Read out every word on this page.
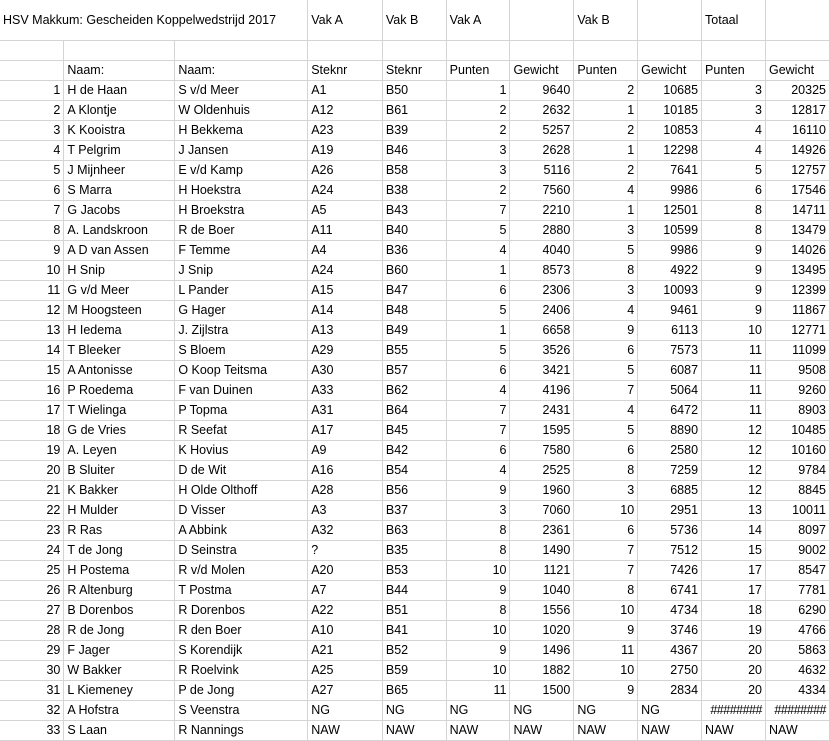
HSV Makkum: Gescheiden Koppelwedstrijd 2017			Vak A	Vak B	Vak A		Vak B		Totaal	

	Naam:	Naam:	Steknr	Steknr	Punten	Gewicht	Punten	Gewicht	Punten	Gewicht
1	H de Haan	S v/d Meer	A1	B50	1	9640	2	10685	3	20325
2	A Klontje	W Oldenhuis	A12	B61	2	2632	1	10185	3	12817
3	K Kooistra	H Bekkema	A23	B39	2	5257	2	10853	4	16110
4	T Pelgrim	J Jansen	A19	B46	3	2628	1	12298	4	14926
5	J Mijnheer	E v/d Kamp	A26	B58	3	5116	2	7641	5	12757
6	S Marra	H Hoekstra	A24	B38	2	7560	4	9986	6	17546
7	G Jacobs	H Broekstra	A5	B43	7	2210	1	12501	8	14711
8	A. Landskroon	R de Boer	A11	B40	5	2880	3	10599	8	13479
9	A D van Assen	F Temme	A4	B36	4	4040	5	9986	9	14026
10	H Snip	J Snip	A24	B60	1	8573	8	4922	9	13495
11	G v/d Meer	L Pander	A15	B47	6	2306	3	10093	9	12399
12	M Hoogsteen	G Hager	A14	B48	5	2406	4	9461	9	11867
13	H Iedema	J. Zijlstra	A13	B49	1	6658	9	6113	10	12771
14	T Bleeker	S Bloem	A29	B55	5	3526	6	7573	11	11099
15	A Antonisse	O Koop Teitsma	A30	B57	6	3421	5	6087	11	9508
16	P Roedema	F van Duinen	A33	B62	4	4196	7	5064	11	9260
17	T Wielinga	P Topma	A31	B64	7	2431	4	6472	11	8903
18	G de Vries	R Seefat	A17	B45	7	1595	5	8890	12	10485
19	A. Leyen	K Hovius	A9	B42	6	7580	6	2580	12	10160
20	B Sluiter	D de Wit	A16	B54	4	2525	8	7259	12	9784
21	K Bakker	H Olde Olthoff	A28	B56	9	1960	3	6885	12	8845
22	H Mulder	D Visser	A3	B37	3	7060	10	2951	13	10011
23	R Ras	A Abbink	A32	B63	8	2361	6	5736	14	8097
24	T de Jong	D Seinstra	?	B35	8	1490	7	7512	15	9002
25	H Postema	R v/d Molen	A20	B53	10	1121	7	7426	17	8547
26	R Altenburg	T Postma	A7	B44	9	1040	8	6741	17	7781
27	B Dorenbos	R Dorenbos	A22	B51	8	1556	10	4734	18	6290
28	R de Jong	R den Boer	A10	B41	10	1020	9	3746	19	4766
29	F Jager	S Korendijk	A21	B52	9	1496	11	4367	20	5863
30	W Bakker	R Roelvink	A25	B59	10	1882	10	2750	20	4632
31	L Kiemeney	P de Jong	A27	B65	11	1500	9	2834	20	4334
32	A Hofstra	S Veenstra	NG	NG	NG	NG	NG	NG	########	########
33	S Laan	R Nannings	NAW	NAW	NAW	NAW	NAW	NAW	NAW	NAW
